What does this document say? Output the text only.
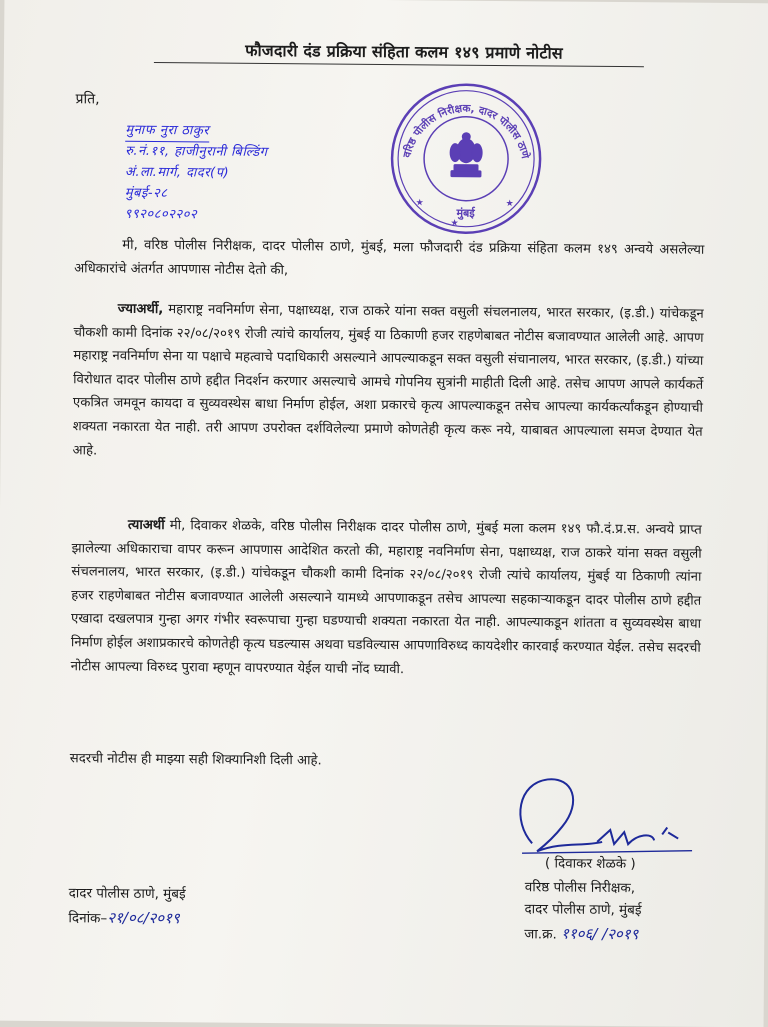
फौजदारी दंड प्रक्रिया संहिता कलम १४९ प्रमाणे नोटीस
प्रति,
मुनाफ नुरा ठाकुर
रु.नं.११, हाजीनुरानी बिल्डिंग
अं.ला.मार्ग, दादर(प)
मुंबई-२८
९९२०८०२२०२
वरिष्ठ पोलीस निरीक्षक, दादर पोलीस ठाणे
★
★	★
मुंबई
मी, वरिष्ठ पोलीस निरीक्षक, दादर पोलीस ठाणे, मुंबई, मला फौजदारी दंड प्रक्रिया संहिता कलम १४९ अन्वये असलेल्या अधिकारांचे अंतर्गत आपणास नोटीस देतो की,
ज्याअर्थी, महाराष्ट्र नवनिर्माण सेना, पक्षाध्यक्ष, राज ठाकरे यांना सक्त वसुली संचलनालय, भारत सरकार, (इ.डी.) यांचेकडून चौकशी कामी दिनांक २२/०८/२०१९ रोजी त्यांचे कार्यालय, मुंबई या ठिकाणी हजर राहणेबाबत नोटीस बजावण्यात आलेली आहे. आपण महाराष्ट्र नवनिर्माण सेना या पक्षाचे महत्वाचे पदाधिकारी असल्याने आपल्याकडून सक्त वसुली संचानालय, भारत सरकार, (इ.डी.) यांच्या विरोधात दादर पोलीस ठाणे हद्दीत निदर्शन करणार असल्याचे आमचे गोपनिय सुत्रांनी माहीती दिली आहे. तसेच आपण आपले कार्यकर्ते एकत्रित जमवून कायदा व सुव्यवस्थेस बाधा निर्माण होईल, अशा प्रकारचे कृत्य आपल्याकडून तसेच आपल्या कार्यकर्त्यांकडून होण्याची शक्यता नकारता येत नाही. तरी आपण उपरोक्त दर्शविलेल्या प्रमाणे कोणतेही कृत्य करू नये, याबाबत आपल्याला समज देण्यात येत आहे.
त्याअर्थी मी, दिवाकर शेळके, वरिष्ठ पोलीस निरीक्षक दादर पोलीस ठाणे, मुंबई मला कलम १४९ फौ.दं.प्र.स. अन्वये प्राप्त झालेल्या अधिकाराचा वापर करून आपणास आदेशित करतो की, महाराष्ट्र नवनिर्माण सेना, पक्षाध्यक्ष, राज ठाकरे यांना सक्त वसुली संचलनालय, भारत सरकार, (इ.डी.) यांचेकडून चौकशी कामी दिनांक २२/०८/२०१९ रोजी त्यांचे कार्यालय, मुंबई या ठिकाणी त्यांना हजर राहणेबाबत नोटीस बजावण्यात आलेली असल्याने यामध्ये आपणाकडून तसेच आपल्या सहकाऱ्याकडून दादर पोलीस ठाणे हद्दीत एखादा दखलपात्र गुन्हा अगर गंभीर स्वरूपाचा गुन्हा घडण्याची शक्यता नकारता येत नाही. आपल्याकडून शांतता व सुव्यवस्थेस बाधा निर्माण होईल अशाप्रकारचे कोणतेही कृत्य घडल्यास अथवा घडविल्यास आपणाविरुध्द कायदेशीर कारवाई करण्यात येईल. तसेच सदरची नोटीस आपल्या विरुध्द पुरावा म्हणून वापरण्यात येईल याची नोंद घ्यावी.
सदरची नोटीस ही माझ्या सही शिक्यानिशी दिली आहे.
( दिवाकर शेळके )
वरिष्ठ पोलीस निरीक्षक,
दादर पोलीस ठाणे, मुंबई
जा.क्र. ११०६/ /२०१९
दादर पोलीस ठाणे, मुंबई
दिनांक–२१/०८/२०१९
